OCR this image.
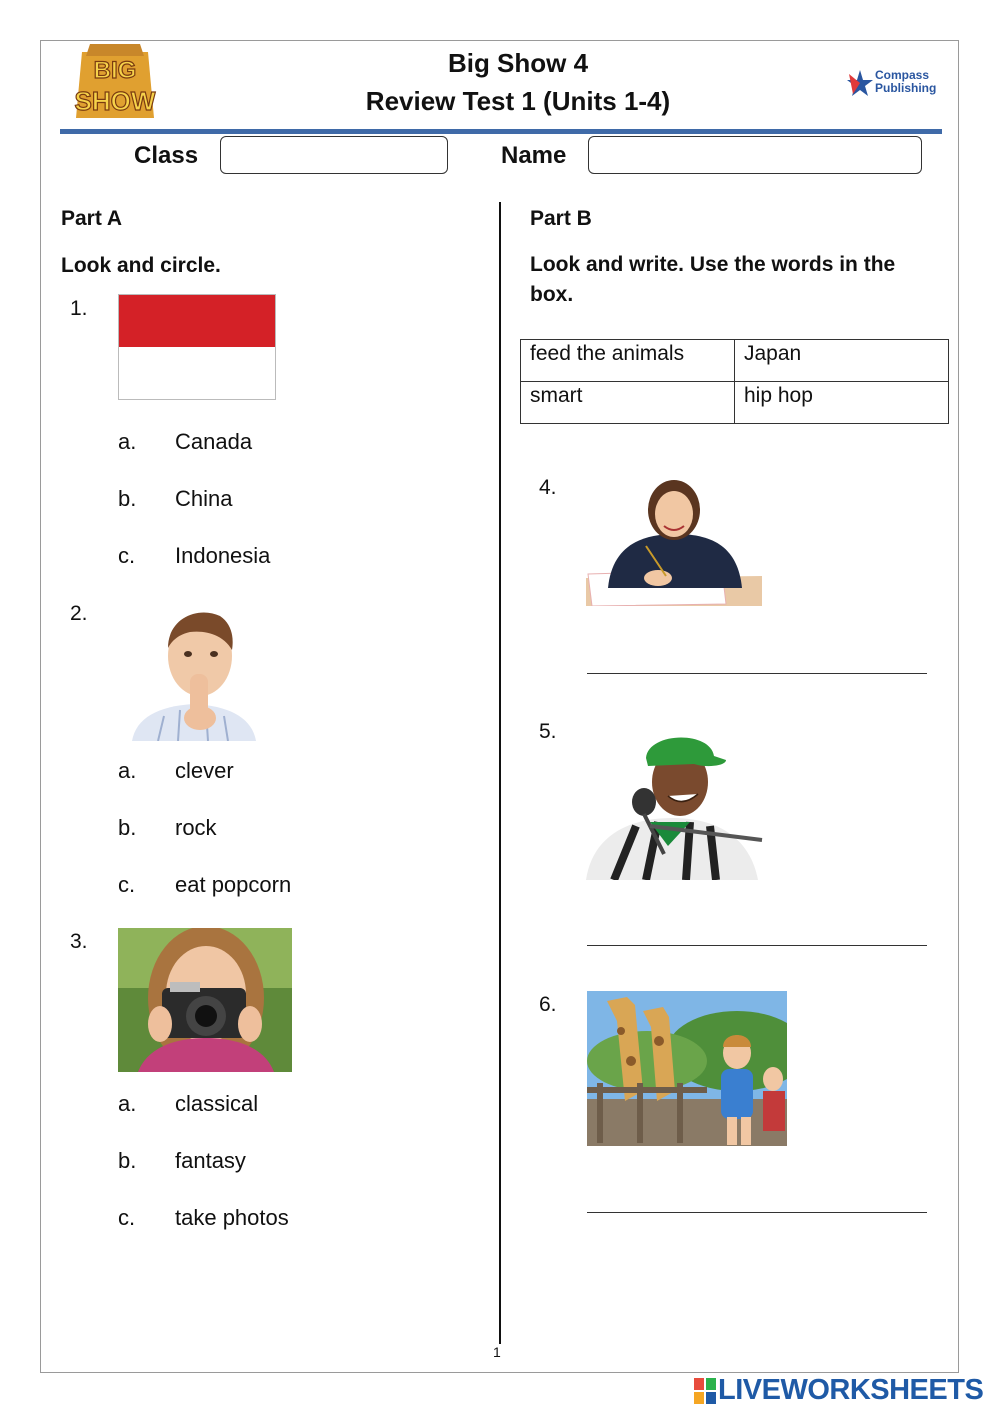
BIG
SHOW
Big Show 4
Review Test 1 (Units 1-4)
Compass
Publishing
Class	Name
Part A
Look and circle.
1.
a. Canada
b. China
c. Indonesia
2.
a. clever
b. rock
c. eat popcorn
3.
a. classical
b. fantasy
c. take photos
Part B
Look and write. Use the words in the
box.
feed the animals	Japan
smart	hip hop
4.
5.
6.
1
LIVEWORKSHEETS
